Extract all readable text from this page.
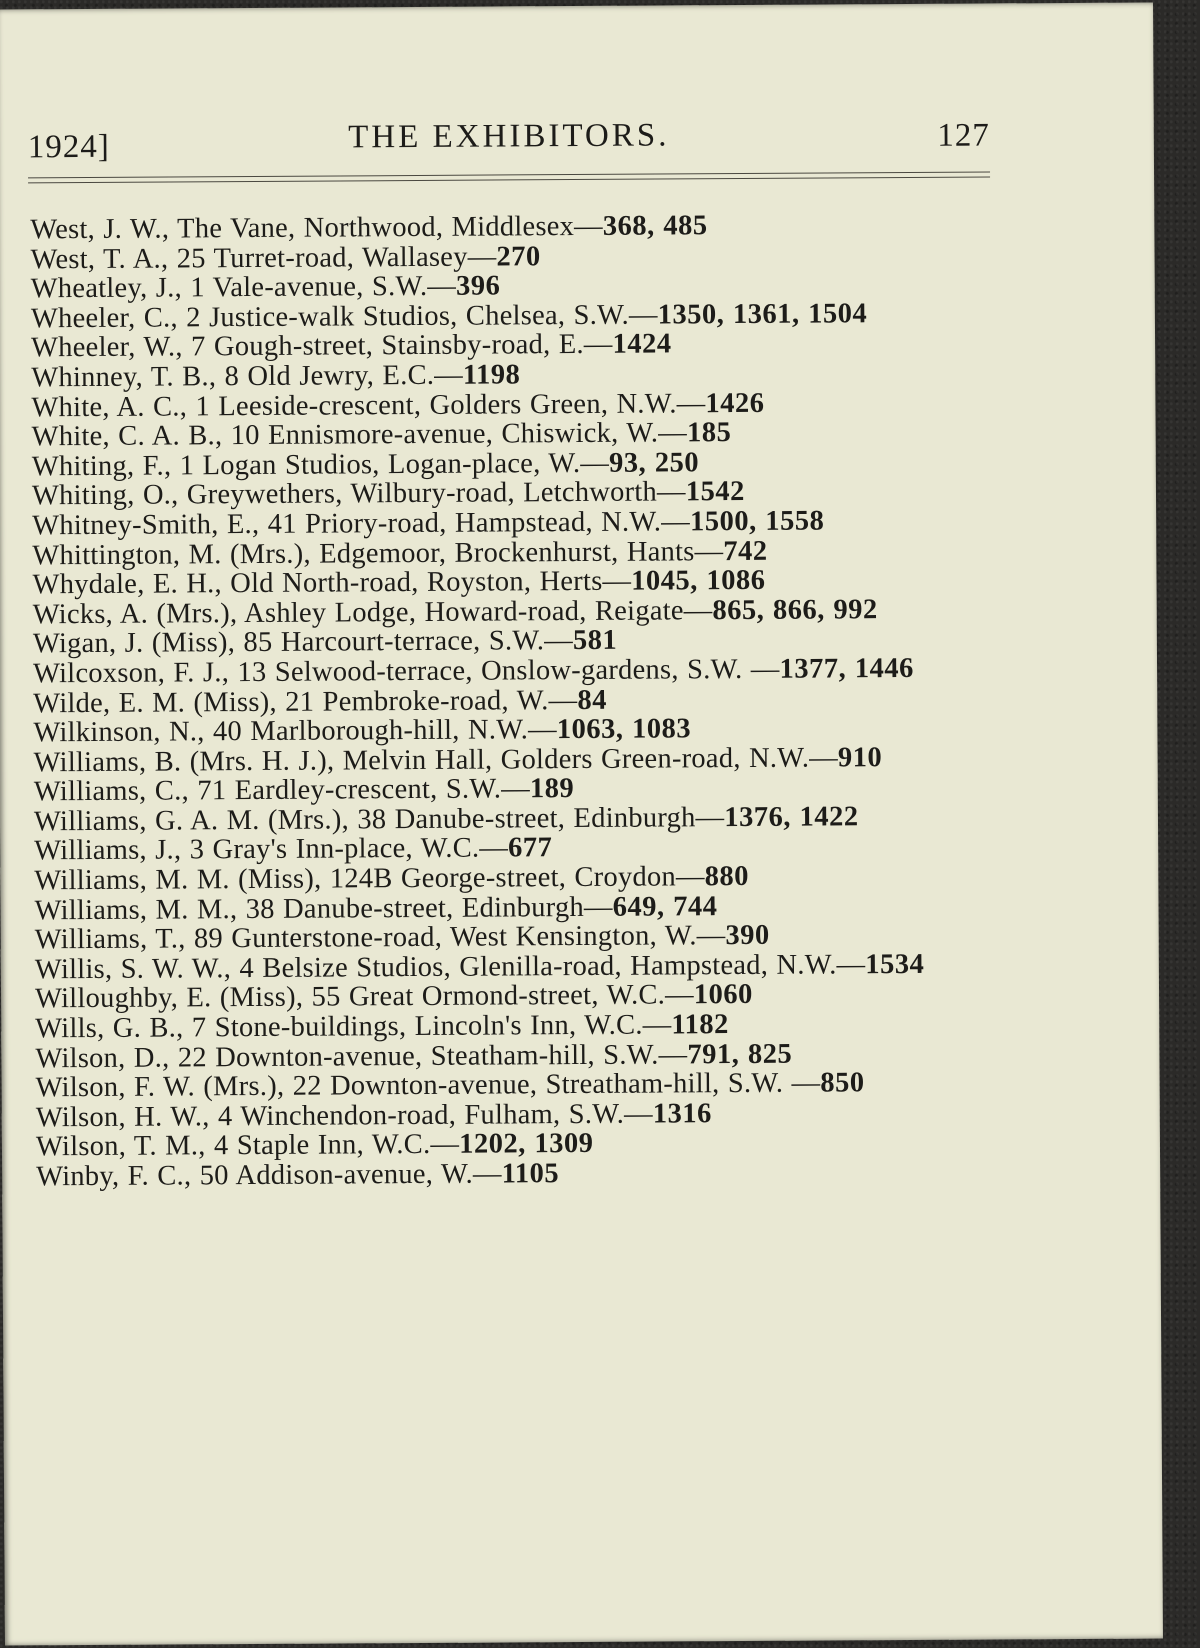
1924]	THE EXHIBITORS.	127
West, J. W., The Vane, Northwood, Middlesex—368, 485
West, T. A., 25 Turret-road, Wallasey—270
Wheatley, J., 1 Vale-avenue, S.W.—396
Wheeler, C., 2 Justice-walk Studios, Chelsea, S.W.—1350, 1361, 1504
Wheeler, W., 7 Gough-street, Stainsby-road, E.—1424
Whinney, T. B., 8 Old Jewry, E.C.—1198
White, A. C., 1 Leeside-crescent, Golders Green, N.W.—1426
White, C. A. B., 10 Ennismore-avenue, Chiswick, W.—185
Whiting, F., 1 Logan Studios, Logan-place, W.—93, 250
Whiting, O., Greywethers, Wilbury-road, Letchworth—1542
Whitney-Smith, E., 41 Priory-road, Hampstead, N.W.—1500, 1558
Whittington, M. (Mrs.), Edgemoor, Brockenhurst, Hants—742
Whydale, E. H., Old North-road, Royston, Herts—1045, 1086
Wicks, A. (Mrs.), Ashley Lodge, Howard-road, Reigate—865, 866, 992
Wigan, J. (Miss), 85 Harcourt-terrace, S.W.—581
Wilcoxson, F. J., 13 Selwood-terrace, Onslow-gardens, S.W. —1377, 1446
Wilde, E. M. (Miss), 21 Pembroke-road, W.—84
Wilkinson, N., 40 Marlborough-hill, N.W.—1063, 1083
Williams, B. (Mrs. H. J.), Melvin Hall, Golders Green-road, N.W.—910
Williams, C., 71 Eardley-crescent, S.W.—189
Williams, G. A. M. (Mrs.), 38 Danube-street, Edinburgh—1376, 1422
Williams, J., 3 Gray's Inn-place, W.C.—677
Williams, M. M. (Miss), 124B George-street, Croydon—880
Williams, M. M., 38 Danube-street, Edinburgh—649, 744
Williams, T., 89 Gunterstone-road, West Kensington, W.—390
Willis, S. W. W., 4 Belsize Studios, Glenilla-road, Hampstead, N.W.—1534
Willoughby, E. (Miss), 55 Great Ormond-street, W.C.—1060
Wills, G. B., 7 Stone-buildings, Lincoln's Inn, W.C.—1182
Wilson, D., 22 Downton-avenue, Steatham-hill, S.W.—791, 825
Wilson, F. W. (Mrs.), 22 Downton-avenue, Streatham-hill, S.W. —850
Wilson, H. W., 4 Winchendon-road, Fulham, S.W.—1316
Wilson, T. M., 4 Staple Inn, W.C.—1202, 1309
Winby, F. C., 50 Addison-avenue, W.—1105
